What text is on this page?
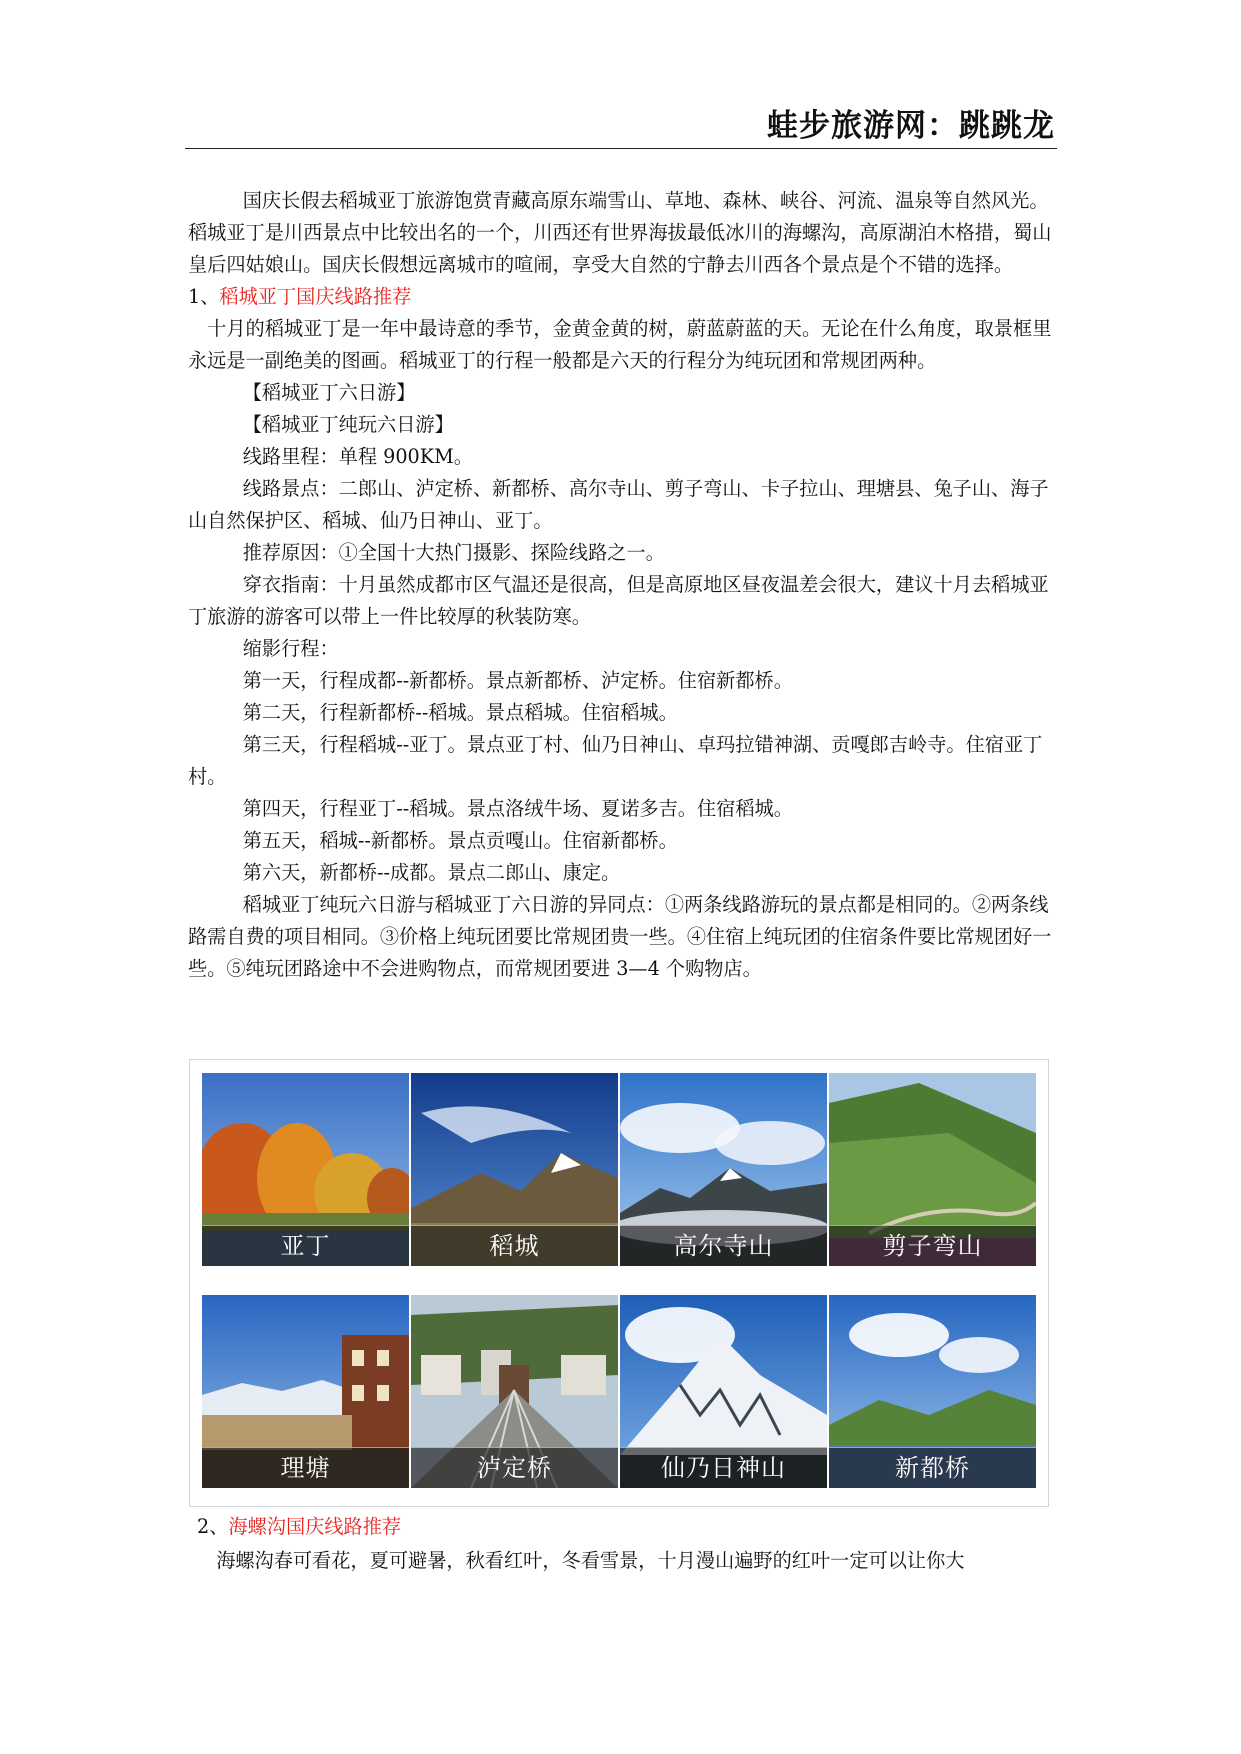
蛙步旅游网：跳跳龙

国庆长假去稻城亚丁旅游饱赏青藏高原东端雪山、草地、森林、峡谷、河流、温泉等自然风光。稻城亚丁是川西景点中比较出名的一个，川西还有世界海拔最低冰川的海螺沟，高原湖泊木格措，蜀山皇后四姑娘山。国庆长假想远离城市的喧闹，享受大自然的宁静去川西各个景点是个不错的选择。

1、稻城亚丁国庆线路推荐

十月的稻城亚丁是一年中最诗意的季节，金黄金黄的树，蔚蓝蔚蓝的天。无论在什么角度，取景框里永远是一副绝美的图画。稻城亚丁的行程一般都是六天的行程分为纯玩团和常规团两种。

【稻城亚丁六日游】

【稻城亚丁纯玩六日游】

线路里程：单程 900KM。

线路景点：二郎山、泸定桥、新都桥、高尔寺山、剪子弯山、卡子拉山、理塘县、兔子山、海子山自然保护区、稻城、仙乃日神山、亚丁。

推荐原因：①全国十大热门摄影、探险线路之一。

穿衣指南：十月虽然成都市区气温还是很高，但是高原地区昼夜温差会很大，建议十月去稻城亚丁旅游的游客可以带上一件比较厚的秋装防寒。

缩影行程：

第一天，行程成都--新都桥。景点新都桥、泸定桥。住宿新都桥。

第二天，行程新都桥--稻城。景点稻城。住宿稻城。

第三天，行程稻城--亚丁。景点亚丁村、仙乃日神山、卓玛拉错神湖、贡嘎郎吉岭寺。住宿亚丁村。

第四天，行程亚丁--稻城。景点洛绒牛场、夏诺多吉。住宿稻城。

第五天，稻城--新都桥。景点贡嘎山。住宿新都桥。

第六天，新都桥--成都。景点二郎山、康定。

稻城亚丁纯玩六日游与稻城亚丁六日游的异同点：①两条线路游玩的景点都是相同的。②两条线路需自费的项目相同。③价格上纯玩团要比常规团贵一些。④住宿上纯玩团的住宿条件要比常规团好一些。⑤纯玩团路途中不会进购物点，而常规团要进 3—4 个购物店。

亚丁	稻城	高尔寺山	剪子弯山
理塘	泸定桥	仙乃日神山	新都桥

2、海螺沟国庆线路推荐

海螺沟春可看花，夏可避暑，秋看红叶，冬看雪景，十月漫山遍野的红叶一定可以让你大
